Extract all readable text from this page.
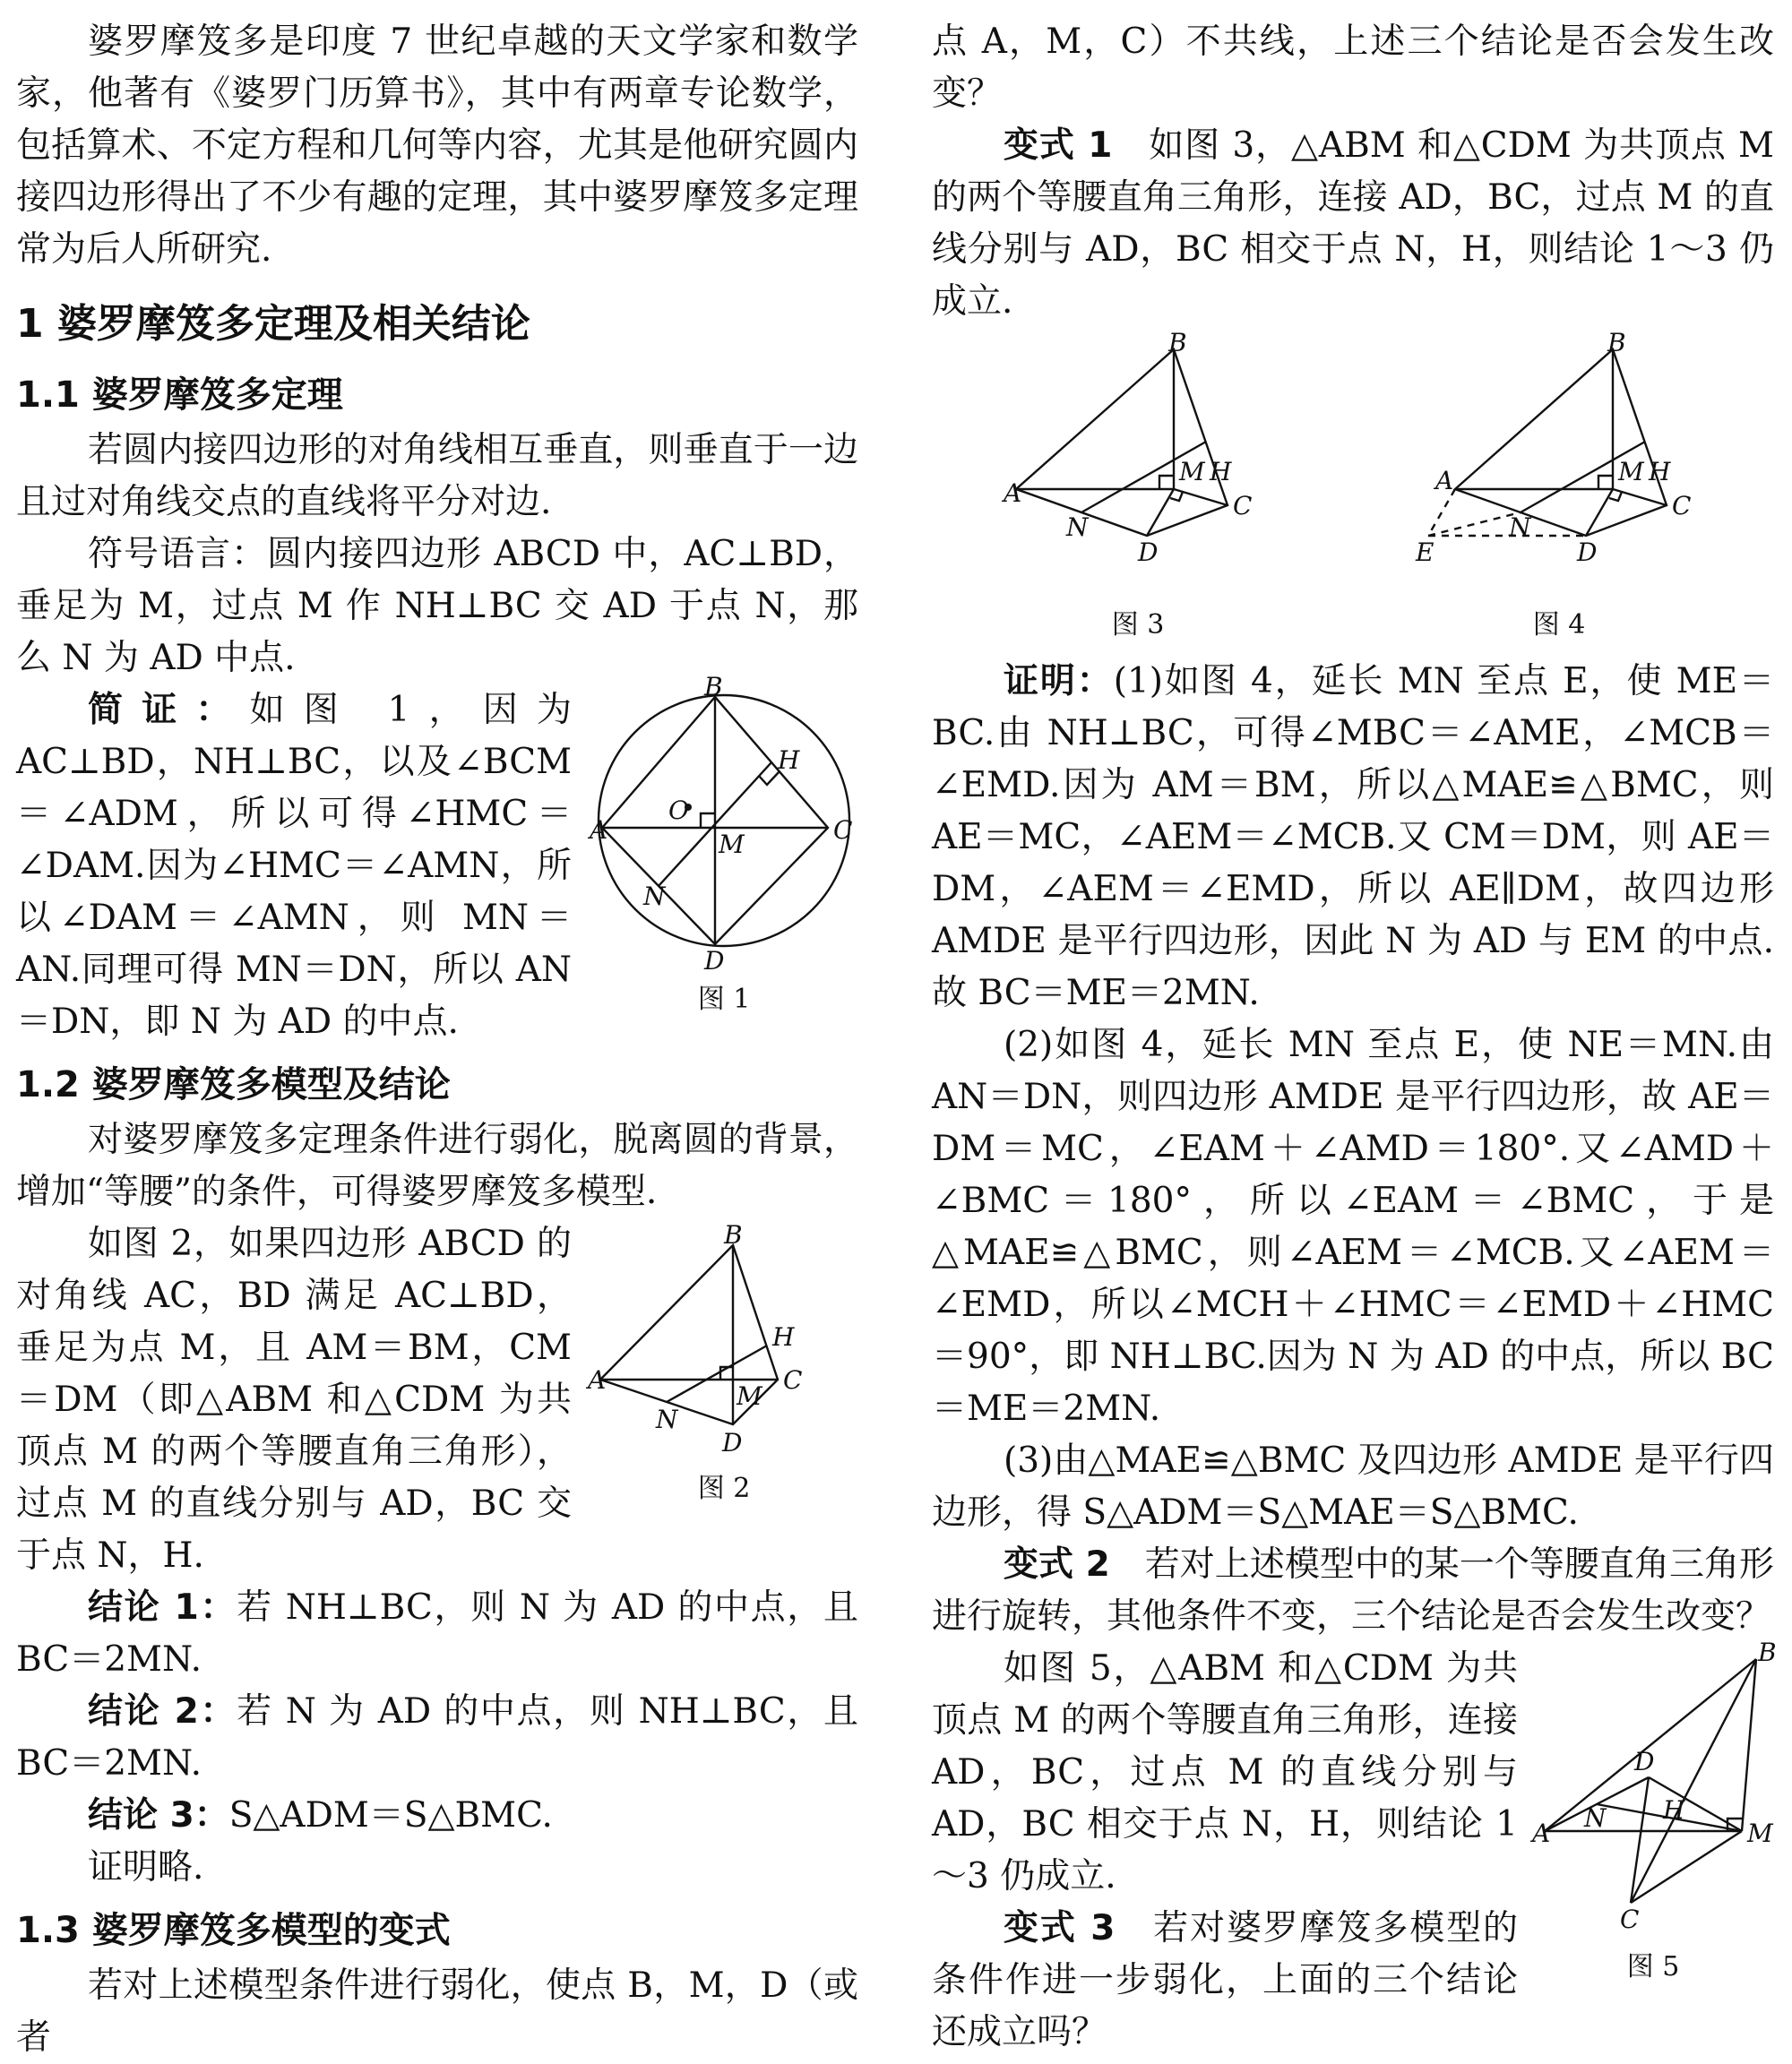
婆罗摩笈多是印度 7 世纪卓越的天文学家和数学家，他著有《婆罗门历算书》，其中有两章专论数学，包括算术、不定方程和几何等内容，尤其是他研究圆内接四边形得出了不少有趣的定理，其中婆罗摩笈多定理常为后人所研究.

1 婆罗摩笈多定理及相关结论
1.1 婆罗摩笈多定理

若圆内接四边形的对角线相互垂直，则垂直于一边且过对角线交点的直线将平分对边.

符号语言：圆内接四边形 ABCD 中，AC⊥BD，垂足为 M，过点 M 作 NH⊥BC 交 AD 于点 N，那么 N 为 AD 中点.

B
A	C
D
M
N
H
O
图 1

简证：如图 1，因为 AC⊥BD，NH⊥BC，以及∠BCM＝∠ADM，所以可得∠HMC＝∠DAM.因为∠HMC＝∠AMN，所以∠DAM＝∠AMN，则 MN＝AN.同理可得 MN＝DN，所以 AN＝DN，即 N 为 AD 的中点.

1.2 婆罗摩笈多模型及结论

对婆罗摩笈多定理条件进行弱化，脱离圆的背景，增加“等腰”的条件，可得婆罗摩笈多模型.

B
A	C
D
M
N
H
图 2

如图 2，如果四边形 ABCD 的对角线 AC，BD 满足 AC⊥BD，垂足为点 M，且 AM＝BM，CM＝DM（即△ABM 和△CDM 为共顶点 M 的两个等腰直角三角形），过点 M 的直线分别与 AD，BC 交于点 N，H.

结论 1：若 NH⊥BC，则 N 为 AD 的中点，且 BC＝2MN.

结论 2：若 N 为 AD 的中点，则 NH⊥BC，且 BC＝2MN.

结论 3：S△ADM＝S△BMC.

证明略.

1.3 婆罗摩笈多模型的变式

若对上述模型条件进行弱化，使点 B，M，D（或者

点 A，M，C）不共线，上述三个结论是否会发生改变？

变式 1　 如图 3，△ABM 和△CDM 为共顶点 M 的两个等腰直角三角形，连接 AD，BC，过点 M 的直线分别与 AD，BC 相交于点 N，H，则结论 1～3 仍成立.

B
A	C
D
M
N
H
图 3
B
A
C
D
M
N
H
E
图 4

证明：(1)如图 4，延长 MN 至点 E，使 ME＝BC.由 NH⊥BC，可得∠MBC＝∠AME，∠MCB＝∠EMD.因为 AM＝BM，所以△MAE≌△BMC，则 AE＝MC，∠AEM＝∠MCB.又 CM＝DM，则 AE＝DM，∠AEM＝∠EMD，所以 AE∥DM，故四边形 AMDE 是平行四边形，因此 N 为 AD 与 EM 的中点.故 BC＝ME＝2MN.

(2)如图 4，延长 MN 至点 E，使 NE＝MN.由 AN＝DN，则四边形 AMDE 是平行四边形，故 AE＝DM＝MC，∠EAM＋∠AMD＝180°.又∠AMD＋∠BMC＝180°，所以∠EAM＝∠BMC，于是△MAE≌△BMC，则∠AEM＝∠MCB.又∠AEM＝∠EMD，所以∠MCH＋∠HMC＝∠EMD＋∠HMC＝90°，即 NH⊥BC.因为 N 为 AD 的中点，所以 BC＝ME＝2MN.

(3)由△MAE≌△BMC 及四边形 AMDE 是平行四边形，得 S△ADM＝S△MAE＝S△BMC.

变式 2　 若对上述模型中的某一个等腰直角三角形进行旋转，其他条件不变，三个结论是否会发生改变？

B
A
D
C
M
N H
图 5

如图 5，△ABM 和△CDM 为共顶点 M 的两个等腰直角三角形，连接 AD，BC，过点 M 的直线分别与 AD，BC 相交于点 N，H，则结论 1～3 仍成立.

变式 3　 若对婆罗摩笈多模型的条件作进一步弱化，上面的三个结论还成立吗？
